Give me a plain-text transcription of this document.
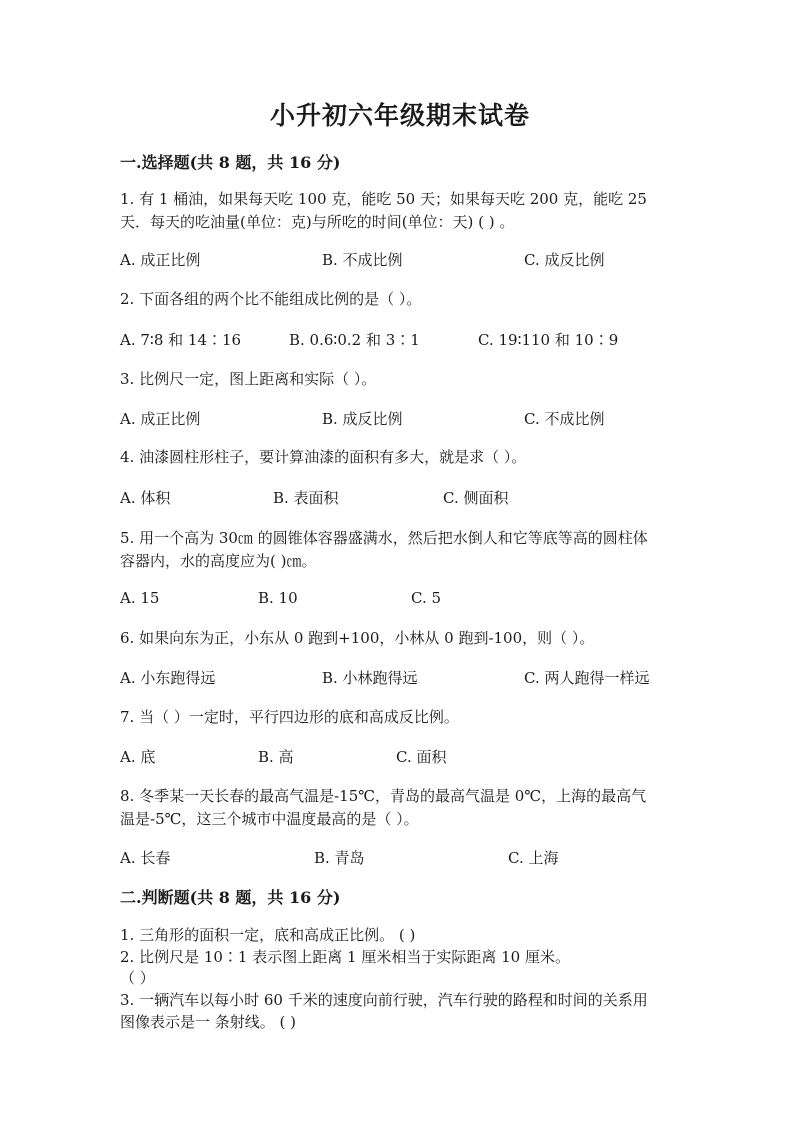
小升初六年级期末试卷
一.选择题(共 8 题，共 16 分)
1. 有 1 桶油，如果每天吃 100 克，能吃 50 天；如果每天吃 200 克，能吃 25
天．每天的吃油量(单位：克)与所吃的时间(单位：天) ( ) 。
A. 成正比例	B. 不成比例	C. 成反比例
2. 下面各组的两个比不能组成比例的是（ ）。
A. 7∶8 和 14∶16	B. 0.6∶0.2 和 3∶1	C. 19∶110 和 10∶9
3. 比例尺一定，图上距离和实际（ ）。
A. 成正比例	B. 成反比例	C. 不成比例
4. 油漆圆柱形柱子，要计算油漆的面积有多大，就是求（ ）。
A. 体积	B. 表面积	C. 侧面积
5. 用一个高为 30㎝ 的圆锥体容器盛满水，然后把水倒人和它等底等高的圆柱体
容器内，水的高度应为( )㎝。
A. 15	B. 10	C. 5
6. 如果向东为正，小东从 0 跑到+100，小林从 0 跑到-100，则（ ）。
A. 小东跑得远	B. 小林跑得远	C. 两人跑得一样远
7. 当（ ）一定时，平行四边形的底和高成反比例。
A. 底	B. 高	C. 面积
8. 冬季某一天长春的最高气温是-15℃，青岛的最高气温是 0℃，上海的最高气
温是-5℃，这三个城市中温度最高的是（ ）。
A. 长春	B. 青岛	C. 上海
二.判断题(共 8 题，共 16 分)
1. 三角形的面积一定，底和高成正比例。 ( )
2. 比例尺是 10∶1 表示图上距离 1 厘米相当于实际距离 10 厘米。
（ ）
3. 一辆汽车以每小时 60 千米的速度向前行驶，汽车行驶的路程和时间的关系用
图像表示是一 条射线。 ( )
